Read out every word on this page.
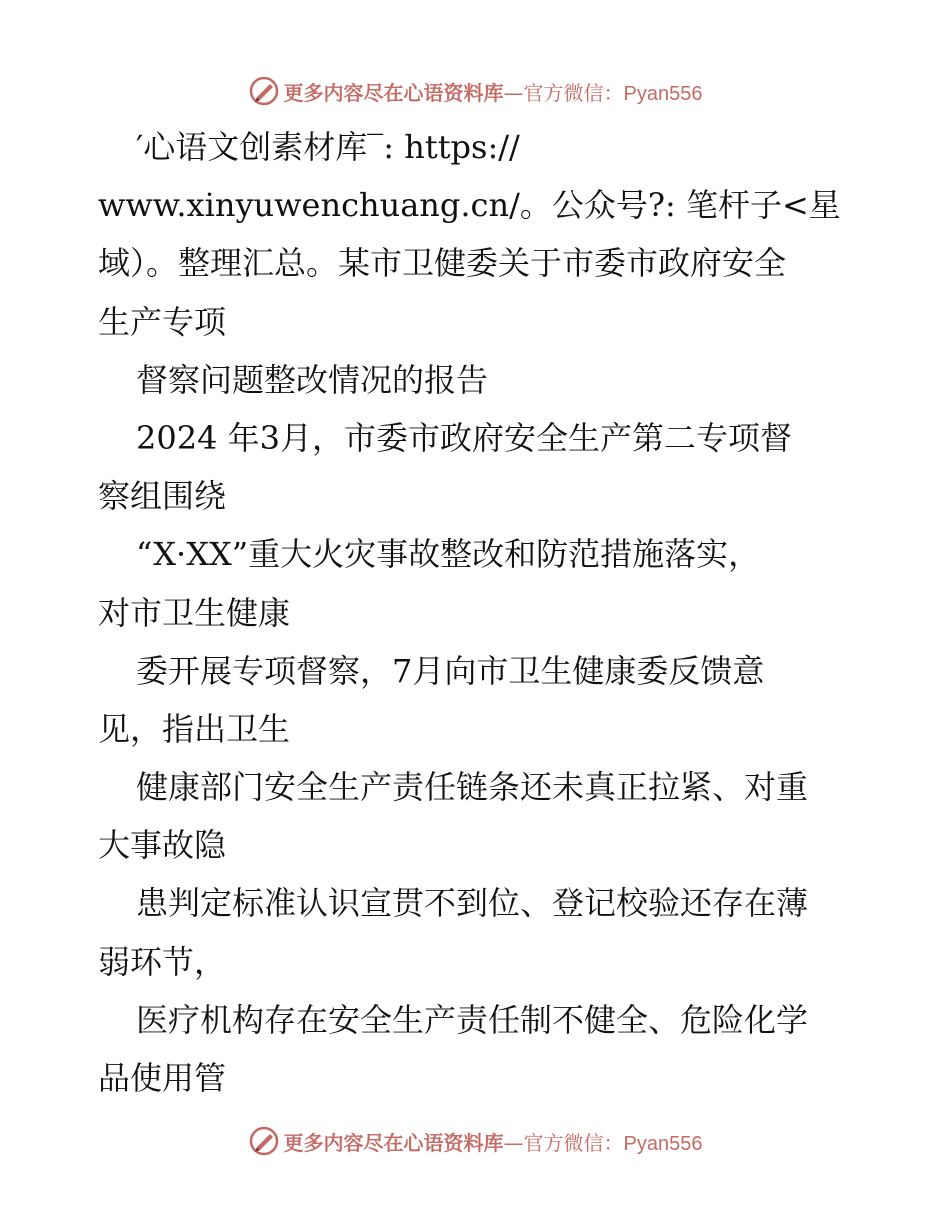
更多内容尽在心语资料库—官方微信：Pyan556
′心语文创素材库‾: https://
www.xinyuwenchuang.cn/。公众号?: 笔杆子<星
域）。整理汇总。某市卫健委关于市委市政府安全
生产专项
督察问题整改情况的报告
2024 年3月，市委市政府安全生产第二专项督
察组围绕
“X·XX”重大火灾事故整改和防范措施落实，
对市卫生健康
委开展专项督察，7月向市卫生健康委反馈意
见，指出卫生
健康部门安全生产责任链条还未真正拉紧、对重
大事故隐
患判定标准认识宣贯不到位、登记校验还存在薄
弱环节，
医疗机构存在安全生产责任制不健全、危险化学
品使用管
更多内容尽在心语资料库—官方微信：Pyan556
